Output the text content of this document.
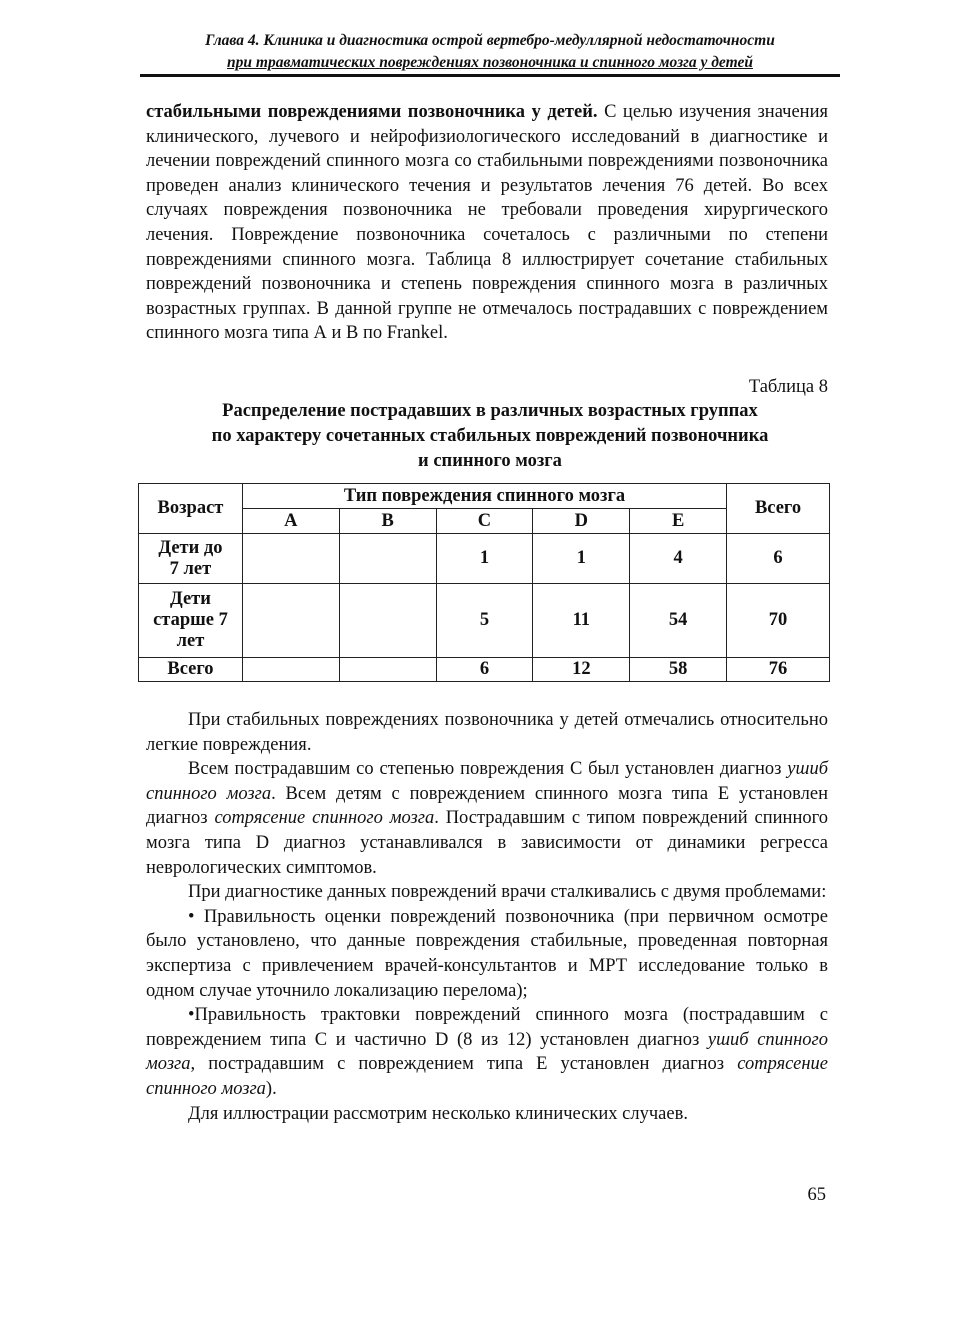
Глава 4. Клиника и диагностика острой вертебро-медуллярной недостаточности
при травматических повреждениях позвоночника и спинного мозга у детей

стабильными повреждениями позвоночника у детей. С целью изучения значения клинического, лучевого и нейрофизиологического исследований в диагностике и лечении повреждений спинного мозга со стабильными повреждениями позвоночника проведен анализ клинического течения и результатов лечения 76 детей. Во всех случаях повреждения позвоночника не требовали проведения хирургического лечения. Повреждение позвоночника сочеталось с различными по степени повреждениями спинного мозга. Таблица 8 иллюстрирует сочетание стабильных повреждений позвоночника и степень повреждения спинного мозга в различных возрастных группах. В данной группе не отмечалось пострадавших с повреждением спинного мозга типа А и В по Frankel.

Таблица 8
Распределение пострадавших в различных возрастных группах
по характеру сочетанных стабильных повреждений позвоночника
и спинного мозга
Возраст	Тип повреждения спинного мозга					Всего
	А	В	С	D	E	

Дети до
7 лет			1	1	4	6

Дети
старше 7
лет			5	11	54	70
Всего			6	12	58	76

При стабильных повреждениях позвоночника у детей отмечались относительно легкие повреждения.

Всем пострадавшим со степенью повреждения С был установлен диагноз ушиб спинного мозга. Всем детям с повреждением спинного мозга типа Е установлен диагноз сотрясение спинного мозга. Пострадавшим с типом повреждений спинного мозга типа D диагноз устанавливался в зависимости от динамики регресса неврологических симптомов.

При диагностике данных повреждений врачи сталкивались с двумя проблемами:

• Правильность оценки повреждений позвоночника (при первичном осмотре было установлено, что данные повреждения стабильные, проведенная повторная экспертиза с привлечением врачей-консультантов и МРТ исследование только в одном случае уточнило локализацию перелома);

•Правильность трактовки повреждений спинного мозга (пострадавшим с повреждением типа С и частично D (8 из 12) установлен диагноз ушиб спинного мозга, пострадавшим с повреждением типа Е установлен диагноз сотрясение спинного мозга).

Для иллюстрации рассмотрим несколько клинических случаев.

65
